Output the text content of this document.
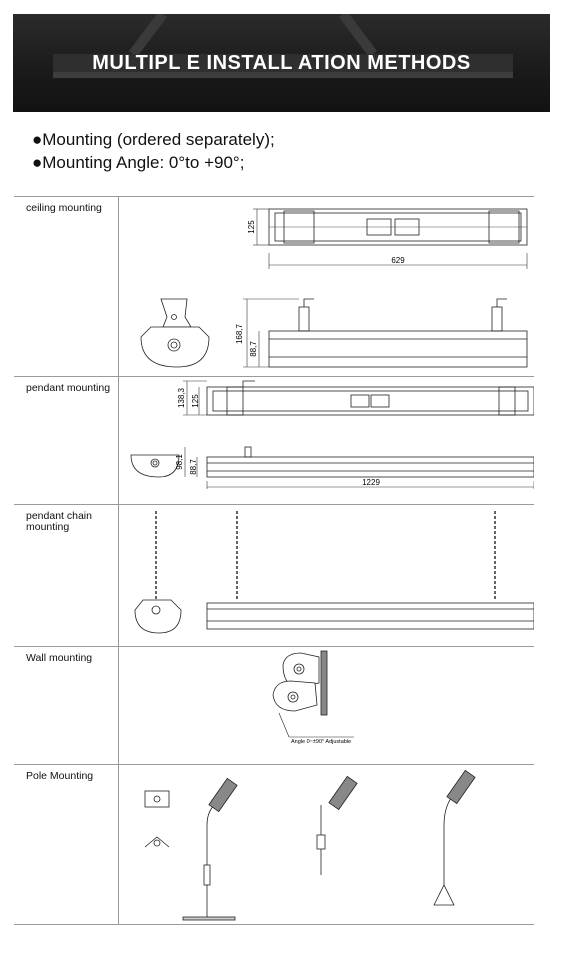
MULTIPL E INSTALL ATION METHODS
●Mounting (ordered separately);
●Mounting Angle: 0°to +90°;
ceiling mounting
125
629
168,7
88,7
pendant mounting	138,3 125
98,1 88,7
1229
pendant chain mounting
Wall mounting
Angle 0~±90° Adjustable
Pole Mounting
